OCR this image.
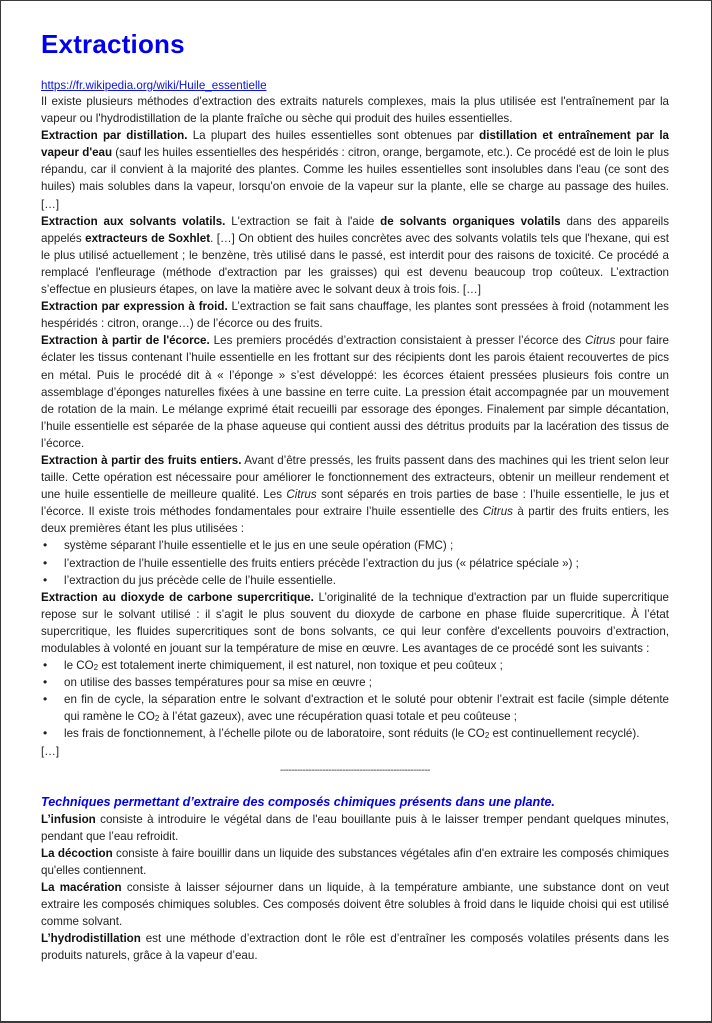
Extractions
https://fr.wikipedia.org/wiki/Huile_essentielle

Il existe plusieurs méthodes d'extraction des extraits naturels complexes, mais la plus utilisée est l'entraînement par la vapeur ou l'hydrodistillation de la plante fraîche ou sèche qui produit des huiles essentielles.

Extraction par distillation. La plupart des huiles essentielles sont obtenues par distillation et entraînement par la vapeur d'eau (sauf les huiles essentielles des hespéridés : citron, orange, bergamote, etc.). Ce procédé est de loin le plus répandu, car il convient à la majorité des plantes. Comme les huiles essentielles sont insolubles dans l'eau (ce sont des huiles) mais solubles dans la vapeur, lorsqu'on envoie de la vapeur sur la plante, elle se charge au passage des huiles. […]

Extraction aux solvants volatils. L'extraction se fait à l'aide de solvants organiques volatils dans des appareils appelés extracteurs de Soxhlet. […] On obtient des huiles concrètes avec des solvants volatils tels que l'hexane, qui est le plus utilisé actuellement ; le benzène, très utilisé dans le passé, est interdit pour des raisons de toxicité. Ce procédé a remplacé l'enfleurage (méthode d'extraction par les graisses) qui est devenu beaucoup trop coûteux. L’extraction s’effectue en plusieurs étapes, on lave la matière avec le solvant deux à trois fois. […]

Extraction par expression à froid. L’extraction se fait sans chauffage, les plantes sont pressées à froid (notamment les hespéridés : citron, orange…) de l’écorce ou des fruits.

Extraction à partir de l'écorce. Les premiers procédés d’extraction consistaient à presser l’écorce des Citrus pour faire éclater les tissus contenant l’huile essentielle en les frottant sur des récipients dont les parois étaient recouvertes de pics en métal. Puis le procédé dit à « l’éponge » s’est développé: les écorces étaient pressées plusieurs fois contre un assemblage d’éponges naturelles fixées à une bassine en terre cuite. La pression était accompagnée par un mouvement de rotation de la main. Le mélange exprimé était recueilli par essorage des éponges. Finalement par simple décantation, l’huile essentielle est séparée de la phase aqueuse qui contient aussi des détritus produits par la lacération des tissus de l’écorce.

Extraction à partir des fruits entiers. Avant d’être pressés, les fruits passent dans des machines qui les trient selon leur taille. Cette opération est nécessaire pour améliorer le fonctionnement des extracteurs, obtenir un meilleur rendement et une huile essentielle de meilleure qualité. Les Citrus sont séparés en trois parties de base : l’huile essentielle, le jus et l’écorce. Il existe trois méthodes fondamentales pour extraire l’huile essentielle des Citrus à partir des fruits entiers, les deux premières étant les plus utilisées :

• système séparant l’huile essentielle et le jus en une seule opération (FMC) ;
• l’extraction de l’huile essentielle des fruits entiers précède l’extraction du jus (« pélatrice spéciale ») ;
• l’extraction du jus précède celle de l’huile essentielle.

Extraction au dioxyde de carbone supercritique. L’originalité de la technique d'extraction par un fluide supercritique repose sur le solvant utilisé : il s’agit le plus souvent du dioxyde de carbone en phase fluide supercritique. À l’état supercritique, les fluides supercritiques sont de bons solvants, ce qui leur confère d'excellents pouvoirs d’extraction, modulables à volonté en jouant sur la température de mise en œuvre. Les avantages de ce procédé sont les suivants :

• le $CO_2$ est totalement inerte chimiquement, il est naturel, non toxique et peu coûteux ;
• on utilise des basses températures pour sa mise en œuvre ;
• en fin de cycle, la séparation entre le solvant d'extraction et le soluté pour obtenir l’extrait est facile (simple détente qui ramène le $CO_2$ à l’état gazeux), avec une récupération quasi totale et peu coûteuse ;
• les frais de fonctionnement, à l’échelle pilote ou de laboratoire, sont réduits (le $CO_2$ est continuellement recyclé).

[…]

-----------------------------------------------------

Techniques permettant d’extraire des composés chimiques présents dans une plante.

L’infusion consiste à introduire le végétal dans de l'eau bouillante puis à le laisser tremper pendant quelques minutes, pendant que l’eau refroidit.

La décoction consiste à faire bouillir dans un liquide des substances végétales afin d'en extraire les composés chimiques qu'elles contiennent.

La macération consiste à laisser séjourner dans un liquide, à la température ambiante, une substance dont on veut extraire les composés chimiques solubles. Ces composés doivent être solubles à froid dans le liquide choisi qui est utilisé comme solvant.

L’hydrodistillation est une méthode d’extraction dont le rôle est d’entraîner les composés volatiles présents dans les produits naturels, grâce à la vapeur d’eau.
